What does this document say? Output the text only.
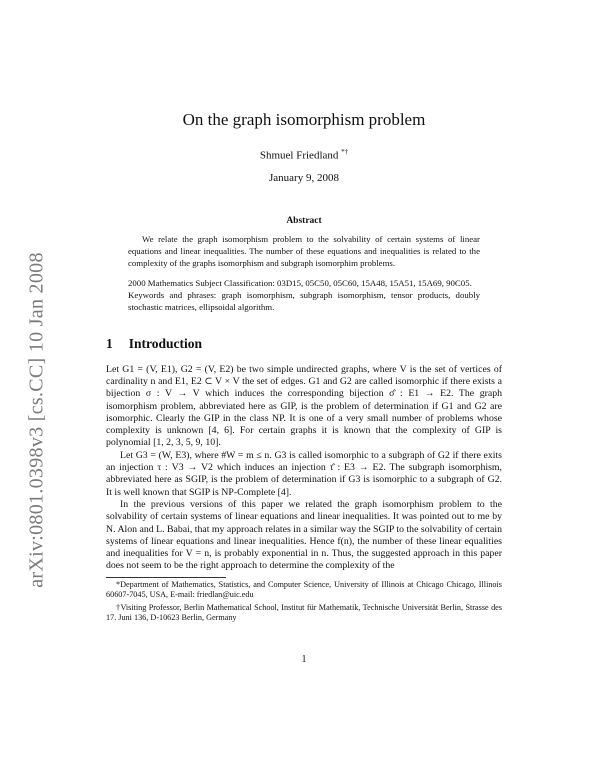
arXiv:0801.0398v3 [cs.CC] 10 Jan 2008
On the graph isomorphism problem
Shmuel Friedland *†
January 9, 2008
Abstract

We relate the graph isomorphism problem to the solvability of certain systems of linear equations and linear inequalities. The number of these equations and inequalities is related to the complexity of the graphs isomorphism and subgraph isomorphim problems.

2000 Mathematics Subject Classification: 03D15, 05C50, 05C60, 15A48, 15A51, 15A69, 90C05.

Keywords and phrases: graph isomorphism, subgraph isomorphism, tensor products, doubly stochastic matrices, ellipsoidal algorithm.

1 Introduction

Let G1 = (V, E1), G2 = (V, E2) be two simple undirected graphs, where V is the set of vertices of cardinality n and E1, E2 ⊂ V × V the set of edges. G1 and G2 are called isomorphic if there exists a bijection σ : V → V which induces the corresponding bijection σ̂ : E1 → E2. The graph isomorphism problem, abbreviated here as GIP, is the problem of determination if G1 and G2 are isomorphic. Clearly the GIP in the class NP. It is one of a very small number of problems whose complexity is unknown [4, 6]. For certain graphs it is known that the complexity of GIP is polynomial [1, 2, 3, 5, 9, 10].

Let G3 = (W, E3), where #W = m ≤ n. G3 is called isomorphic to a subgraph of G2 if there exits an injection τ : V3 → V2 which induces an injection τ̂ : E3 → E2. The subgraph isomorphism, abbreviated here as SGIP, is the problem of determination if G3 is isomorphic to a subgraph of G2. It is well known that SGIP is NP-Complete [4].

In the previous versions of this paper we related the graph isomorphism problem to the solvability of certain systems of linear equations and linear inequalities. It was pointed out to me by N. Alon and L. Babai, that my approach relates in a similar way the SGIP to the solvability of certain systems of linear equations and linear inequalities. Hence f(n), the number of these linear equalities and inequalities for V = n, is probably exponential in n. Thus, the suggested approach in this paper does not seem to be the right approach to determine the complexity of the

*Department of Mathematics, Statistics, and Computer Science, University of Illinois at Chicago Chicago, Illinois 60607-7045, USA, E-mail: friedlan@uic.edu

†Visiting Professor, Berlin Mathematical School, Institut für Mathematik, Technische Universität Berlin, Strasse des 17. Juni 136, D-10623 Berlin, Germany

1
